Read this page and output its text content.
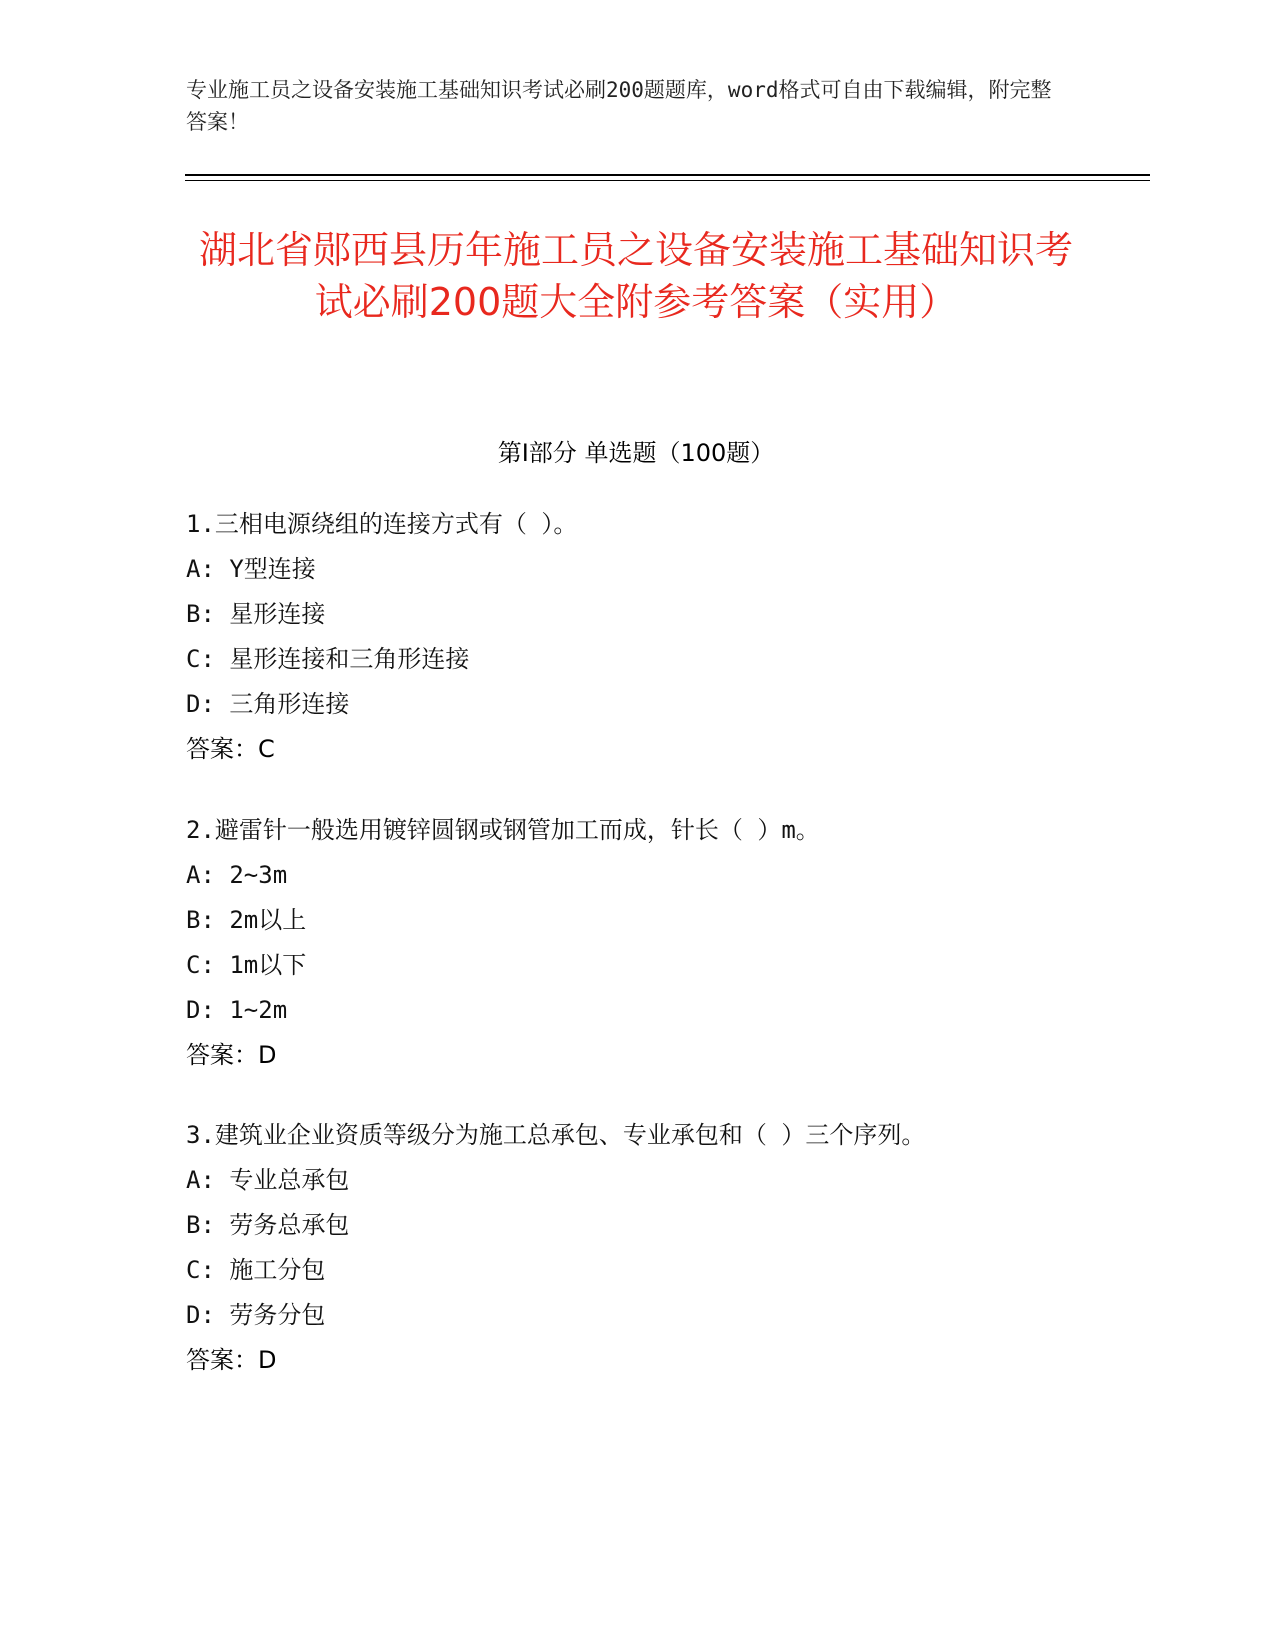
专业施工员之设备安装施工基础知识考试必刷200题题库，word格式可自由下载编辑，附完整答案！
湖北省郧西县历年施工员之设备安装施工基础知识考试必刷200题大全附参考答案（实用）
第I部分 单选题（100题）
1.三相电源绕组的连接方式有（ ）。
A: Y型连接
B: 星形连接
C: 星形连接和三角形连接
D: 三角形连接
答案：C
2.避雷针一般选用镀锌圆钢或钢管加工而成，针长（ ）m。
A: 2~3m
B: 2m以上
C: 1m以下
D: 1~2m
答案：D
3.建筑业企业资质等级分为施工总承包、专业承包和（ ）三个序列。
A: 专业总承包
B: 劳务总承包
C: 施工分包
D: 劳务分包
答案：D
